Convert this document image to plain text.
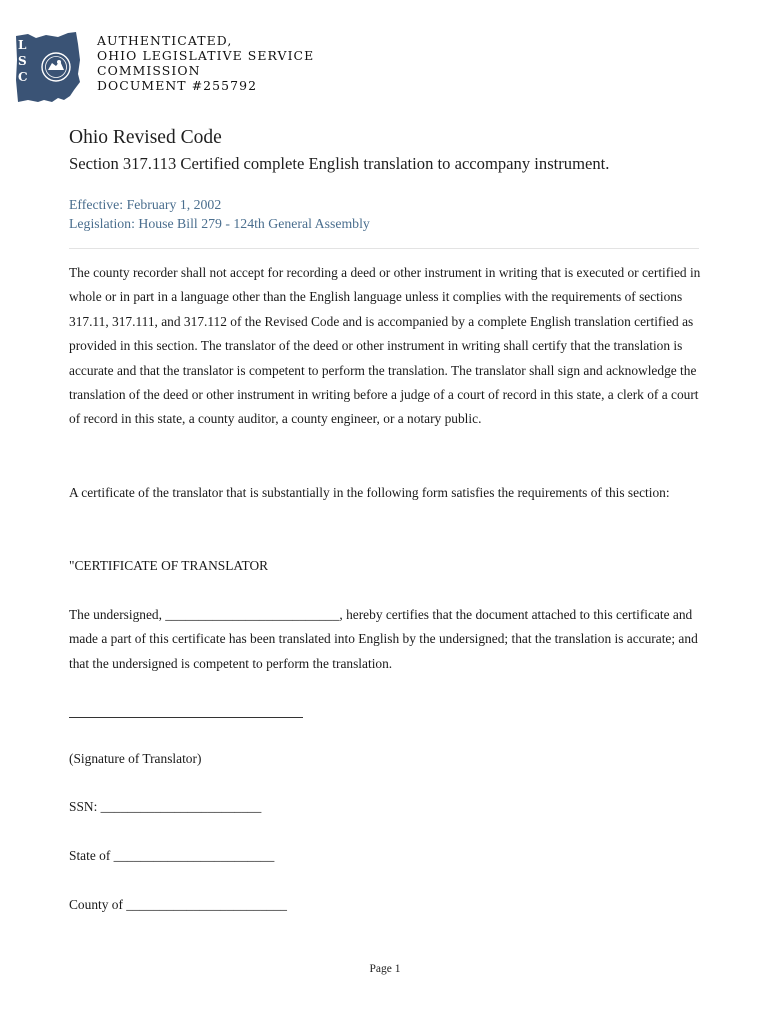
L
S
C
AUTHENTICATED,
OHIO LEGISLATIVE SERVICE
COMMISSION
DOCUMENT #255792
Ohio Revised Code
Section 317.113 Certified complete English translation to accompany instrument.
Effective: February 1, 2002
Legislation: House Bill 279 - 124th General Assembly
The county recorder shall not accept for recording a deed or other instrument in writing that is executed or certified in whole or in part in a language other than the English language unless it complies with the requirements of sections 317.11, 317.111, and 317.112 of the Revised Code and is accompanied by a complete English translation certified as provided in this section. The translator of the deed or other instrument in writing shall certify that the translation is accurate and that the translator is competent to perform the translation. The translator shall sign and acknowledge the translation of the deed or other instrument in writing before a judge of a court of record in this state, a clerk of a court of record in this state, a county auditor, a county engineer, or a notary public.
A certificate of the translator that is substantially in the following form satisfies the requirements of this section:
"CERTIFICATE OF TRANSLATOR
The undersigned, __________________________, hereby certifies that the document attached to this certificate and made a part of this certificate has been translated into English by the undersigned; that the translation is accurate; and that the undersigned is competent to perform the translation.
(Signature of Translator)
SSN: ________________________
State of ________________________
County of ________________________
Page 1
